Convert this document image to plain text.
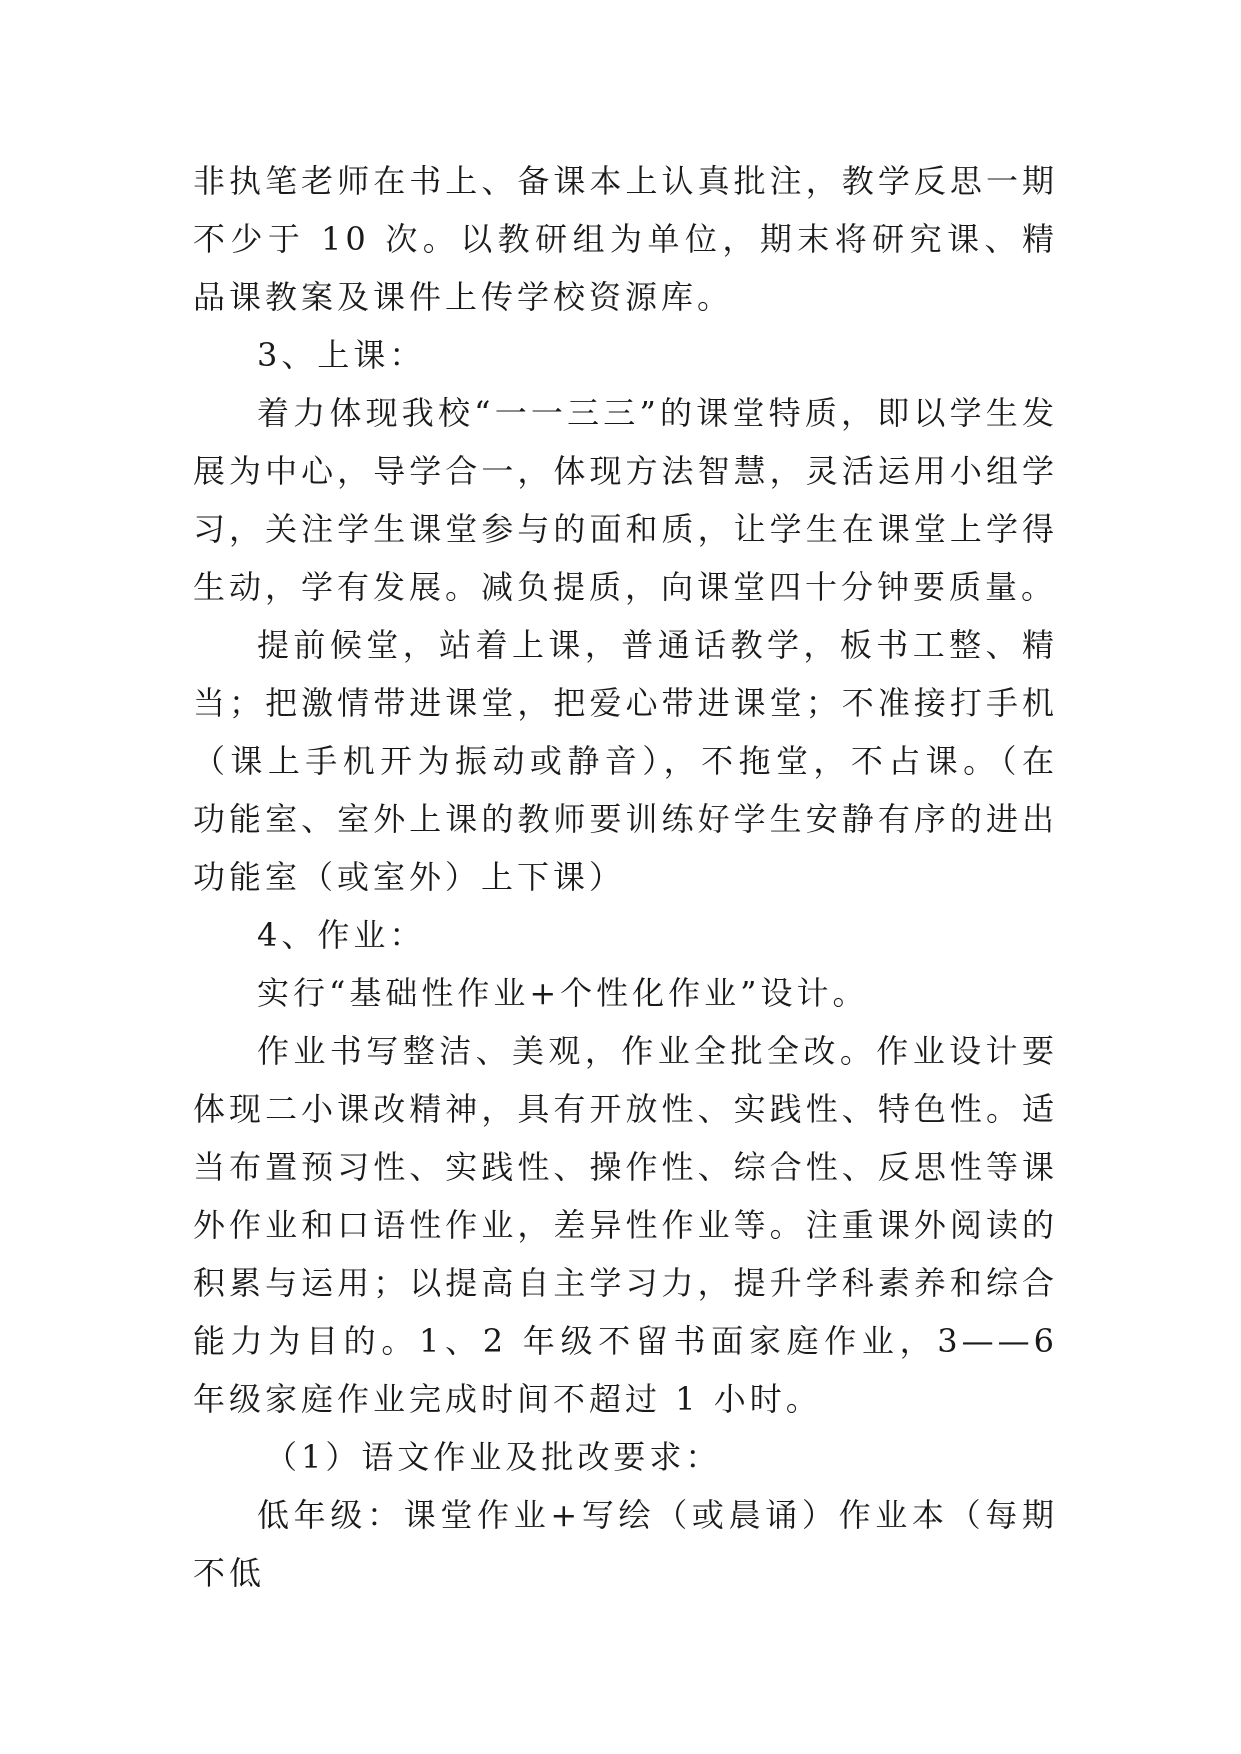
非执笔老师在书上、备课本上认真批注，教学反思一期不少于 10 次。以教研组为单位，期末将研究课、精品课教案及课件上传学校资源库。

3、上课：

着力体现我校“一一三三”的课堂特质，即以学生发展为中心，导学合一，体现方法智慧，灵活运用小组学习，关注学生课堂参与的面和质，让学生在课堂上学得生动，学有发展。减负提质，向课堂四十分钟要质量。

提前候堂，站着上课，普通话教学，板书工整、精当；把激情带进课堂，把爱心带进课堂；不准接打手机（课上手机开为振动或静音），不拖堂，不占课。（在功能室、室外上课的教师要训练好学生安静有序的进出功能室（或室外）上下课）

4、作业：

实行“基础性作业+个性化作业”设计。

作业书写整洁、美观，作业全批全改。作业设计要体现二小课改精神，具有开放性、实践性、特色性。适当布置预习性、实践性、操作性、综合性、反思性等课外作业和口语性作业，差异性作业等。注重课外阅读的积累与运用；以提高自主学习力，提升学科素养和综合能力为目的。1、2 年级不留书面家庭作业，3——6 年级家庭作业完成时间不超过 1 小时。

（1）语文作业及批改要求：

低年级：课堂作业+写绘（或晨诵）作业本（每期不低
